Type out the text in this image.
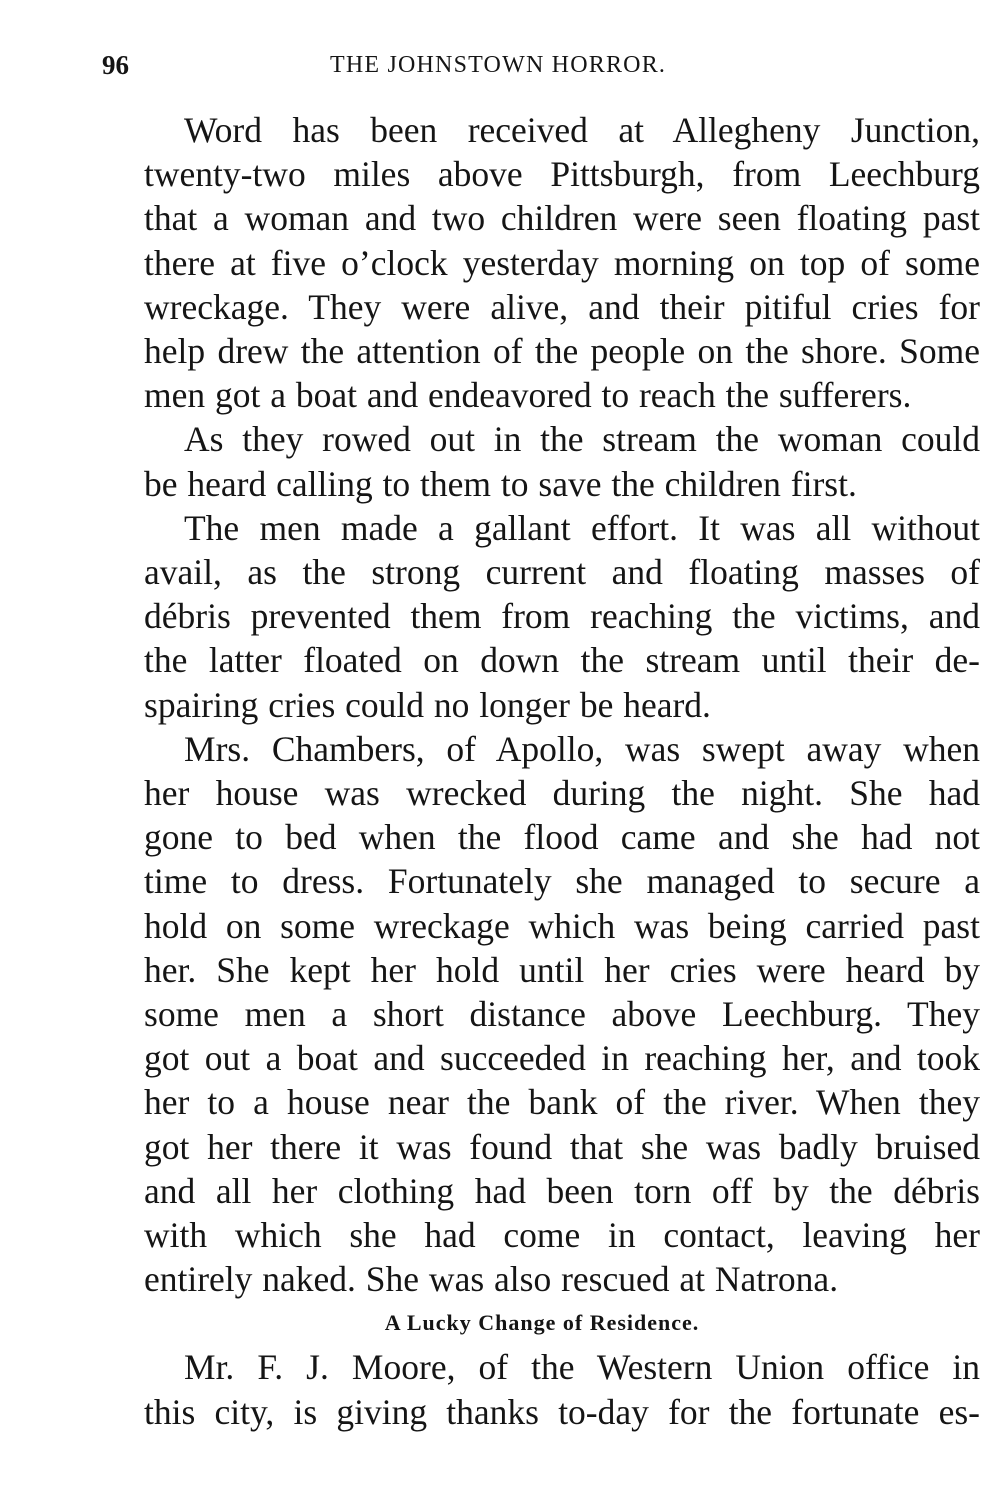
96	THE JOHNSTOWN HORROR.
Word has been received at Allegheny Junction,
twenty-two miles above Pittsburgh, from Leechburg
that a woman and two children were seen floating past
there at five o’clock yesterday morning on top of some
wreckage. They were alive, and their pitiful cries for
help drew the attention of the people on the shore. Some
men got a boat and endeavored to reach the sufferers.
As they rowed out in the stream the woman could
be heard calling to them to save the children first.
The men made a gallant effort. It was all without
avail, as the strong current and floating masses of
débris prevented them from reaching the victims, and
the latter floated on down the stream until their de-
spairing cries could no longer be heard.
Mrs. Chambers, of Apollo, was swept away when
her house was wrecked during the night. She had
gone to bed when the flood came and she had not
time to dress. Fortunately she managed to secure a
hold on some wreckage which was being carried past
her. She kept her hold until her cries were heard by
some men a short distance above Leechburg. They
got out a boat and succeeded in reaching her, and took
her to a house near the bank of the river. When they
got her there it was found that she was badly bruised
and all her clothing had been torn off by the débris
with which she had come in contact, leaving her
entirely naked. She was also rescued at Natrona.
A Lucky Change of Residence.
Mr. F. J. Moore, of the Western Union office in
this city, is giving thanks to-day for the fortunate es-
